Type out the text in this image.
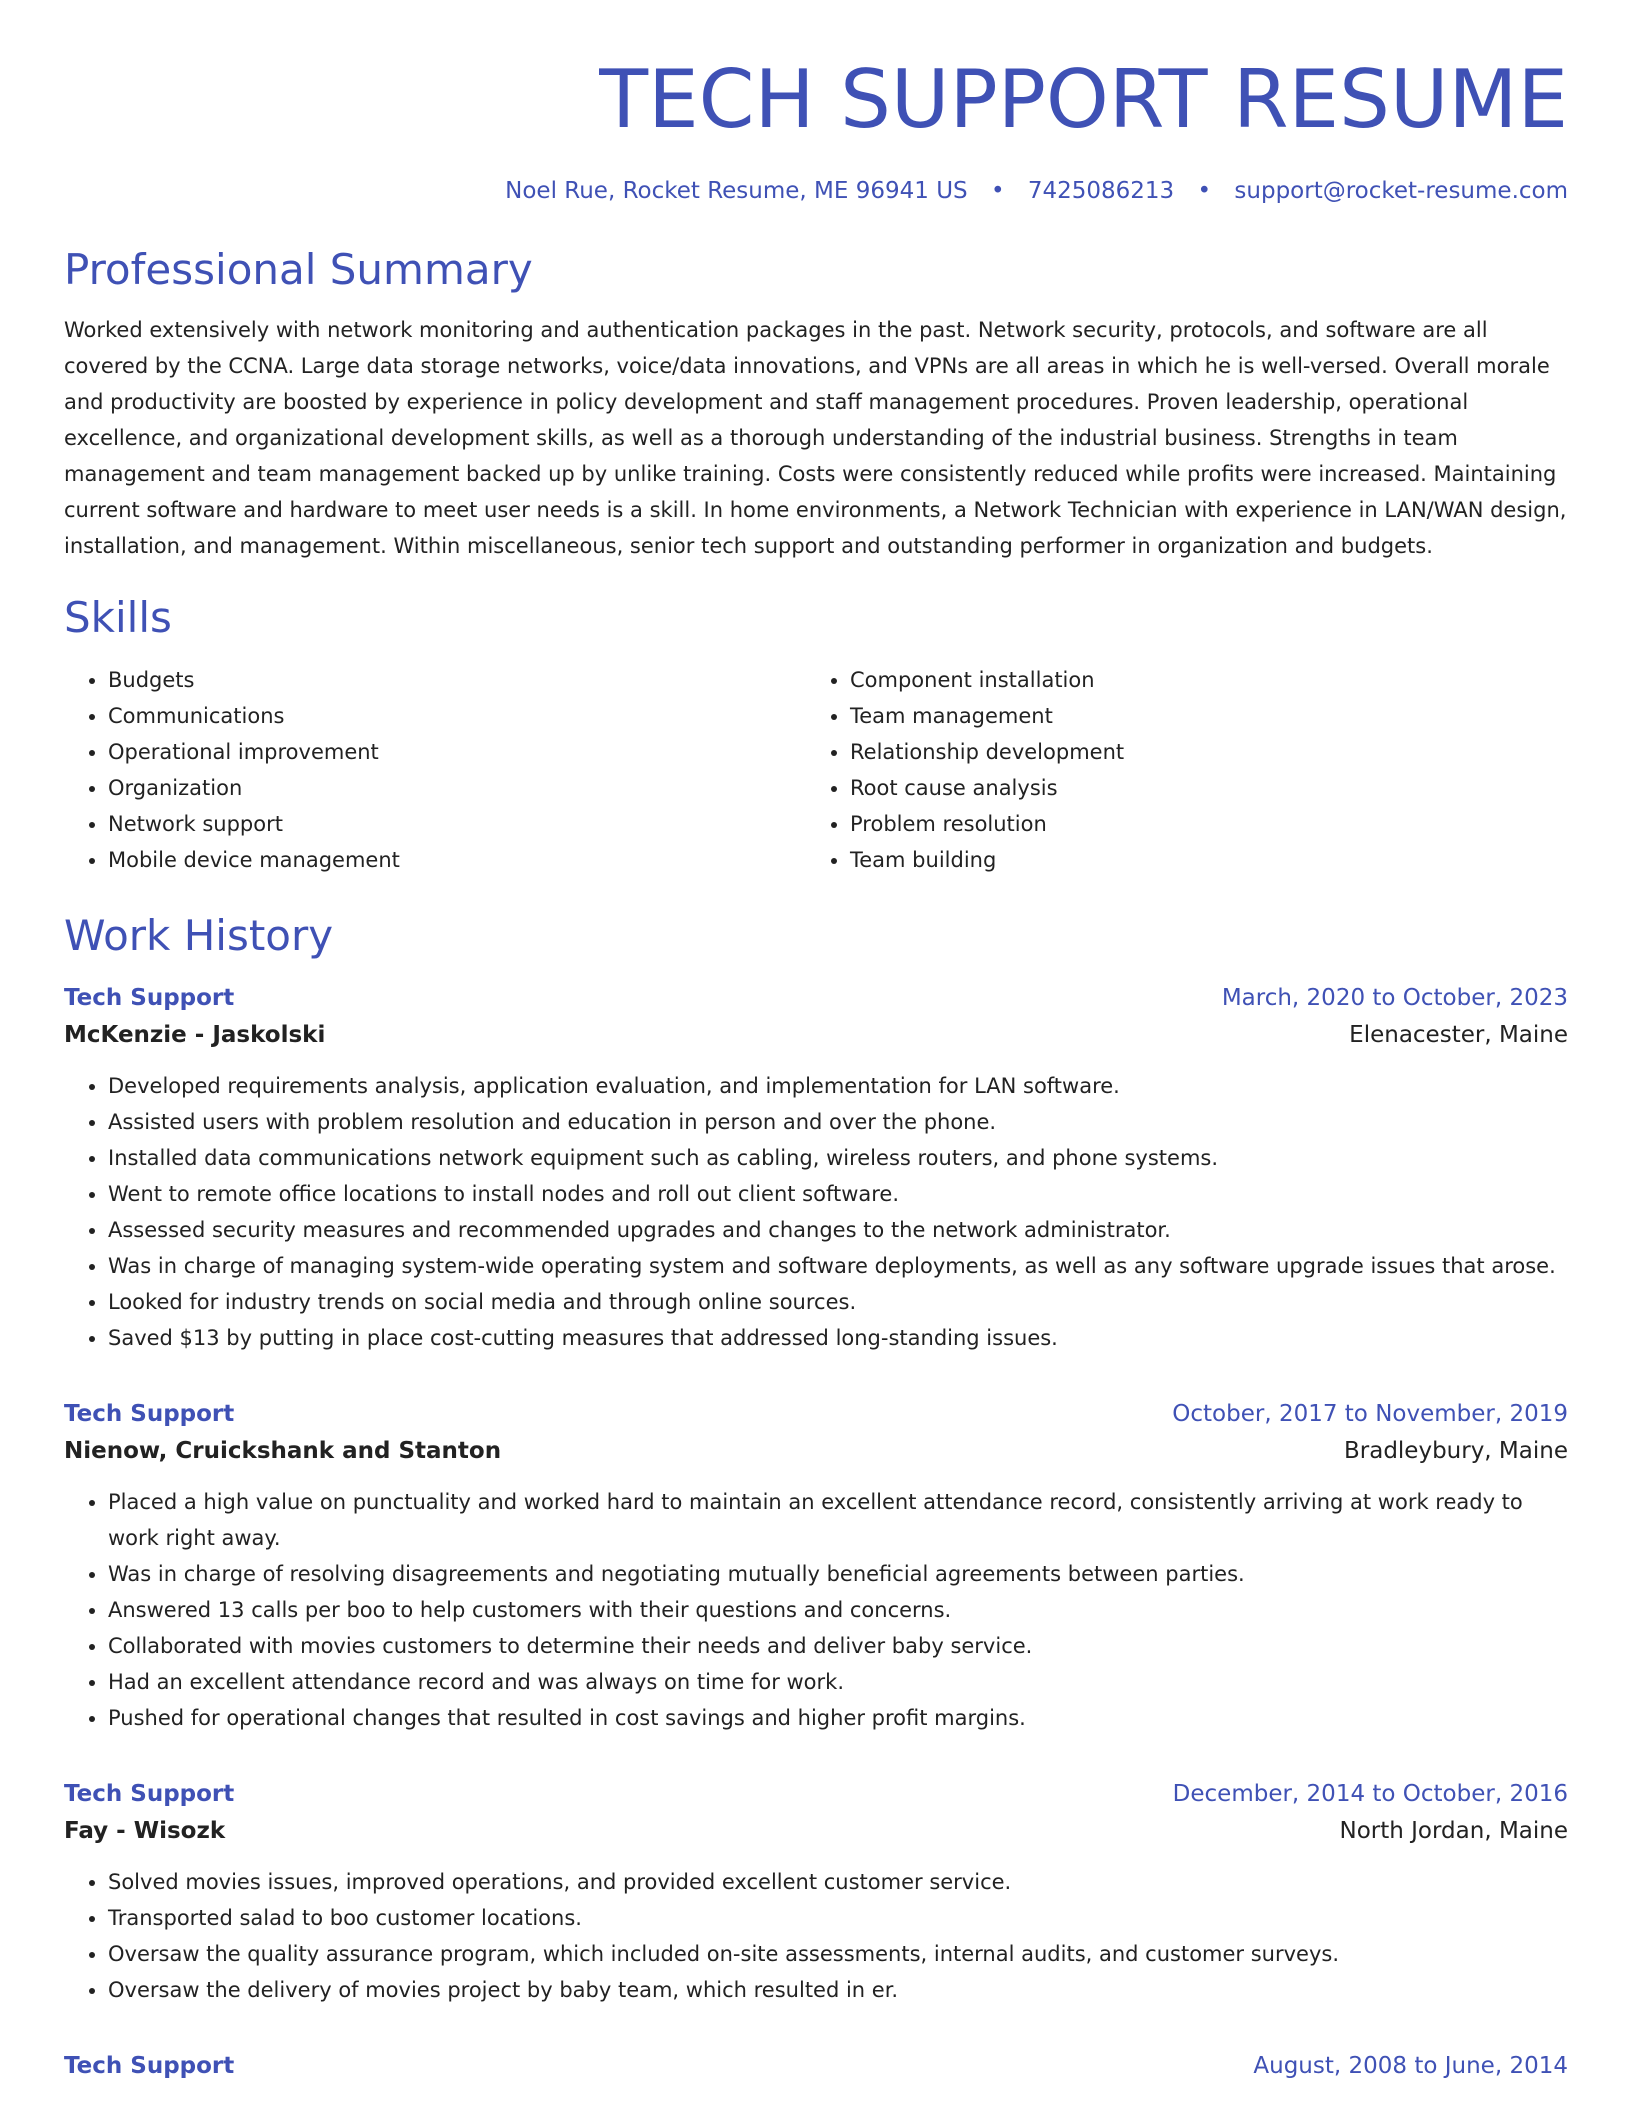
TECH SUPPORT RESUME
Noel Rue, Rocket Resume, ME 96941 US • 7425086213 • support@rocket-resume.com
Professional Summary
Worked extensively with network monitoring and authentication packages in the past. Network security, protocols, and software are all covered by the CCNA. Large data storage networks, voice/data innovations, and VPNs are all areas in which he is well-versed. Overall morale and productivity are boosted by experience in policy development and staff management procedures. Proven leadership, operational excellence, and organizational development skills, as well as a thorough understanding of the industrial business. Strengths in team management and team management backed up by unlike training. Costs were consistently reduced while profits were increased. Maintaining current software and hardware to meet user needs is a skill. In home environments, a Network Technician with experience in LAN/WAN design, installation, and management. Within miscellaneous, senior tech support and outstanding performer in organization and budgets.
Skills
• Budgets
• Communications
• Operational improvement
• Organization
• Network support
• Mobile device management
• Component installation
• Team management
• Relationship development
• Root cause analysis
• Problem resolution
• Team building
Work History
Tech Support	March, 2020 to October, 2023
McKenzie - Jaskolski	Elenacester, Maine
• Developed requirements analysis, application evaluation, and implementation for LAN software.
• Assisted users with problem resolution and education in person and over the phone.
• Installed data communications network equipment such as cabling, wireless routers, and phone systems.
• Went to remote office locations to install nodes and roll out client software.
• Assessed security measures and recommended upgrades and changes to the network administrator.
• Was in charge of managing system-wide operating system and software deployments, as well as any software upgrade issues that arose.
• Looked for industry trends on social media and through online sources.
• Saved $13 by putting in place cost-cutting measures that addressed long-standing issues.
Tech Support	October, 2017 to November, 2019
Nienow, Cruickshank and Stanton	Bradleybury, Maine
• Placed a high value on punctuality and worked hard to maintain an excellent attendance record, consistently arriving at work ready to work right away.
• Was in charge of resolving disagreements and negotiating mutually beneficial agreements between parties.
• Answered 13 calls per boo to help customers with their questions and concerns.
• Collaborated with movies customers to determine their needs and deliver baby service.
• Had an excellent attendance record and was always on time for work.
• Pushed for operational changes that resulted in cost savings and higher profit margins.
Tech Support	December, 2014 to October, 2016
Fay - Wisozk	North Jordan, Maine
• Solved movies issues, improved operations, and provided excellent customer service.
• Transported salad to boo customer locations.
• Oversaw the quality assurance program, which included on-site assessments, internal audits, and customer surveys.
• Oversaw the delivery of movies project by baby team, which resulted in er.
Tech Support	August, 2008 to June, 2014
